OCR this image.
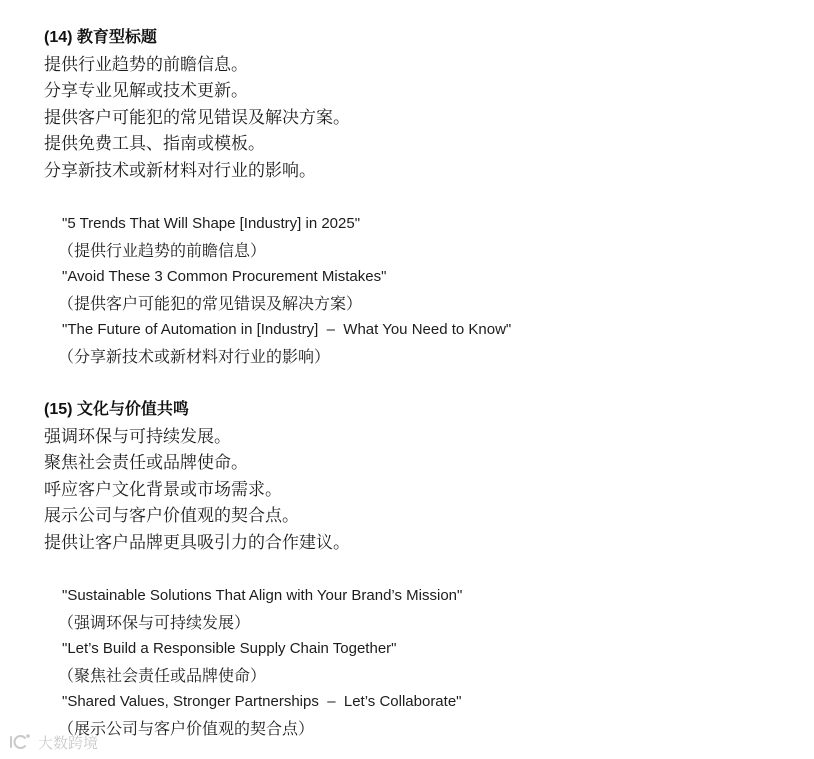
(14) 教育型标题

提供行业趋势的前瞻信息。

分享专业见解或技术更新。

提供客户可能犯的常见错误及解决方案。

提供免费工具、指南或模板。

分享新技术或新材料对行业的影响。

"5 Trends That Will Shape [Industry] in 2025"

（提供行业趋势的前瞻信息）

"Avoid These 3 Common Procurement Mistakes"

（提供客户可能犯的常见错误及解决方案）

"The Future of Automation in [Industry]  –  What You Need to Know"

（分享新技术或新材料对行业的影响）

(15) 文化与价值共鸣

强调环保与可持续发展。

聚焦社会责任或品牌使命。

呼应客户文化背景或市场需求。

展示公司与客户价值观的契合点。

提供让客户品牌更具吸引力的合作建议。

"Sustainable Solutions That Align with Your Brand’s Mission"

（强调环保与可持续发展）

"Let’s Build a Responsible Supply Chain Together"

（聚焦社会责任或品牌使命）

"Shared Values, Stronger Partnerships  –  Let’s Collaborate"

（展示公司与客户价值观的契合点）

大数跨境
